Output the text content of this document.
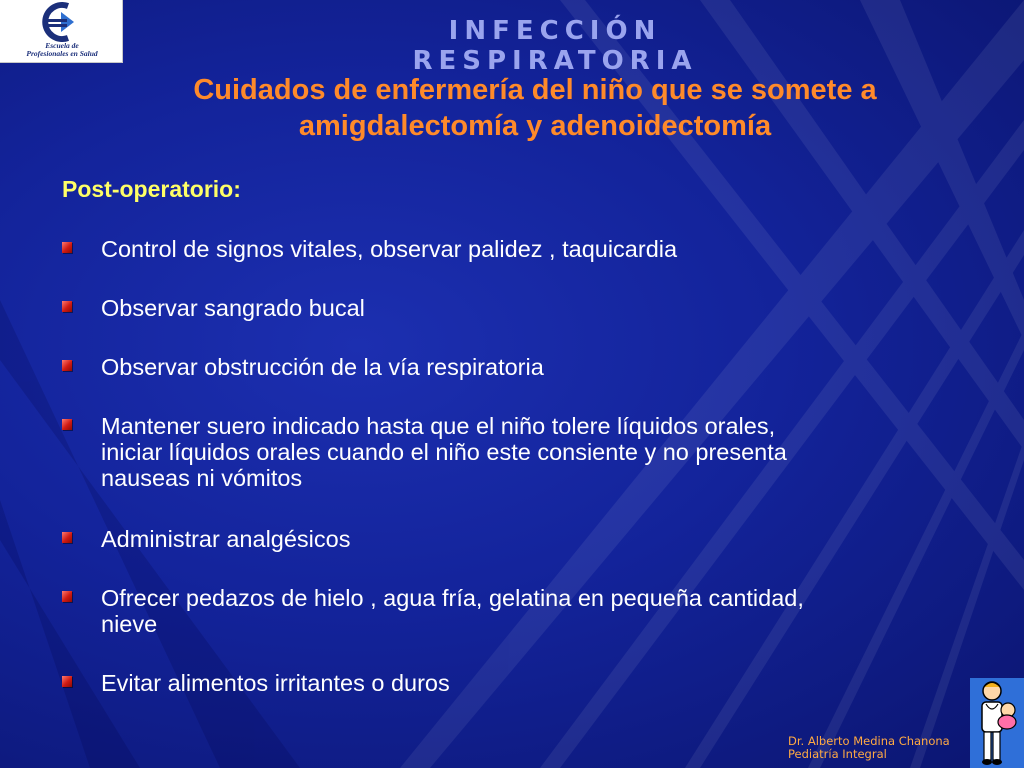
Escuela de
Profesionales en Salud
INFECCIÓN RESPIRATORIA
Cuidados de enfermería del niño que se somete a
amigdalectomía y adenoidectomía
Post-operatorio:
Control de signos vitales, observar palidez , taquicardia
Observar sangrado bucal
Observar obstrucción de la vía respiratoria
Mantener suero indicado hasta que el niño tolere líquidos orales,
iniciar líquidos orales cuando el niño este consiente y no presenta
nauseas ni vómitos
Administrar analgésicos
Ofrecer pedazos de hielo , agua fría, gelatina en pequeña cantidad,
nieve
Evitar alimentos irritantes o duros
Dr. Alberto Medina Chanona
Pediatría Integral
